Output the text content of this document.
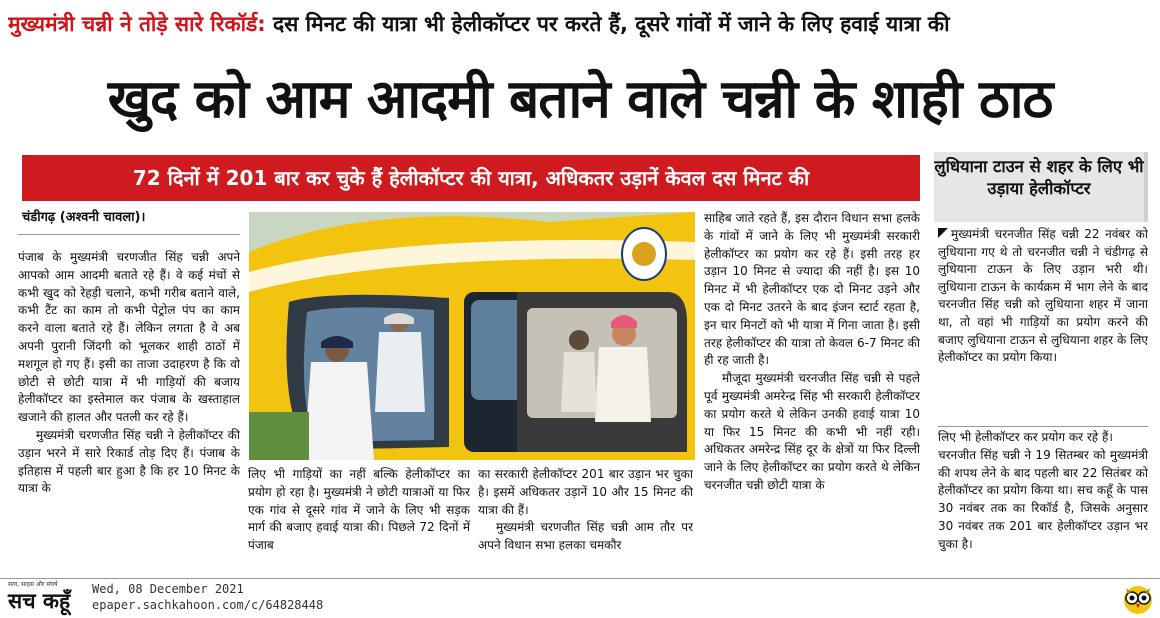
मुख्यमंत्री चन्नी ने तोड़े सारे रिकॉर्ड: दस मिनट की यात्रा भी हेलीकॉप्टर पर करते हैं, दूसरे गांवों में जाने के लिए हवाई यात्रा की
खुद को आम आदमी बताने वाले चन्नी के शाही ठाठ
72 दिनों में 201 बार कर चुके हैं हेलीकॉप्टर की यात्रा, अधिकतर उड़ानें केवल दस मिनट की	लुधियाना टाउन से शहर के लिए भी उड़ाया हेलीकॉप्टर
चंडीगढ़ (अश्वनी चावला)।

पंजाब के मुख्यमंत्री चरणजीत सिंह चन्नी अपने आपको आम आदमी बताते रहे हैं। वे कई मंचों से कभी खुद को रेहड़ी चलाने, कभी गरीब बताने वाले, कभी टैंट का काम तो कभी पेट्रोल पंप का काम करने वाला बताते रहे हैं। लेकिन लगता है वे अब अपनी पुरानी जिंदगी को भूलकर शाही ठाठों में मशगूल हो गए हैं। इसी का ताजा उदाहरण है कि वो छोटी से छोटी यात्रा में भी गाड़ियों की बजाय हेलीकॉप्टर का इस्तेमाल कर पंजाब के खस्ताहाल खजाने की हालत और पतली कर रहे हैं।

मुख्यमंत्री चरणजीत सिंह चन्नी ने हेलीकॉप्टर की उड़ान भरने में सारे रिकार्ड तोड़ दिए हैं। पंजाब के इतिहास में पहली बार हुआ है कि हर 10 मिनट के यात्रा के

लिए भी गाड़ियों का नहीं बल्कि हेलीकॉप्टर का प्रयोग हो रहा है। मुख्यमंत्री ने छोटी यात्राओं या फिर एक गांव से दूसरे गांव में जाने के लिए भी सड़क मार्ग की बजाए हवाई यात्रा की। पिछले 72 दिनों में पंजाब

का सरकारी हेलीकॉप्टर 201 बार उड़ान भर चुका है। इसमें अधिकतर उड़ानें 10 और 15 मिनट की यात्रा की हैं।

मुख्यमंत्री चरणजीत सिंह चन्नी आम तौर पर अपने विधान सभा हलका चमकौर

साहिब जाते रहते हैं, इस दौरान विधान सभा हलके के गांवों में जाने के लिए भी मुख्यमंत्री सरकारी हेलीकॉप्टर का प्रयोग कर रहे हैं। इसी तरह हर उड़ान 10 मिनट से ज्यादा की नहीं है। इस 10 मिनट में भी हेलीकॉप्टर एक दो मिनट उड़ने और एक दो मिनट उतरने के बाद इंजन स्टार्ट रहता है, इन चार मिनटों को भी यात्रा में गिना जाता है। इसी तरह हेलीकॉप्टर की यात्रा तो केवल 6-7 मिनट की ही रह जाती है।

मौजूदा मुख्यमंत्री चरनजीत सिंह चन्नी से पहले पूर्व मुख्यमंत्री अमरेन्द्र सिंह भी सरकारी हेलीकॉप्टर का प्रयोग करते थे लेकिन उनकी हवाई यात्रा 10 या फिर 15 मिनट की कभी भी नहीं रही। अधिकतर अमरेन्द्र सिंह दूर के क्षेत्रों या फिर दिल्ली जाने के लिए हेलीकॉप्टर का प्रयोग करते थे लेकिन चरनजीत चन्नी छोटी यात्रा के

मुख्यमंत्री चरनजीत सिंह चन्नी 22 नवंबर को लुधियाना गए थे तो चरनजीत चन्नी ने चंडीगढ़ से लुधियाना टाऊन के लिए उड़ान भरी थी। लुधियाना टाऊन के कार्यक्रम में भाग लेने के बाद चरनजीत सिंह चन्नी को लुधियाना शहर में जाना था, तो वहां भी गाड़ियों का प्रयोग करने की बजाए लुधियाना टाऊन से लुधियाना शहर के लिए हेलीकॉप्टर का प्रयोग किया।

लिए भी हेलीकॉप्टर कर प्रयोग कर रहे हैं।

चरनजीत सिंह चन्नी ने 19 सितम्बर को मुख्यमंत्री की शपथ लेने के बाद पहली बार 22 सितंबर को हेलीकॉप्टर का प्रयोग किया था। सच कहूँ के पास 30 नवंबर तक का रिकॉर्ड है, जिसके अनुसार 30 नवंबर तक 201 बार हेलीकॉप्टर उड़ान भर चुका है।

सत्य, साहस और संघर्ष
सच कहूँ Wed, 08 December 2021
epaper.sachkahoon.com/c/64828448
